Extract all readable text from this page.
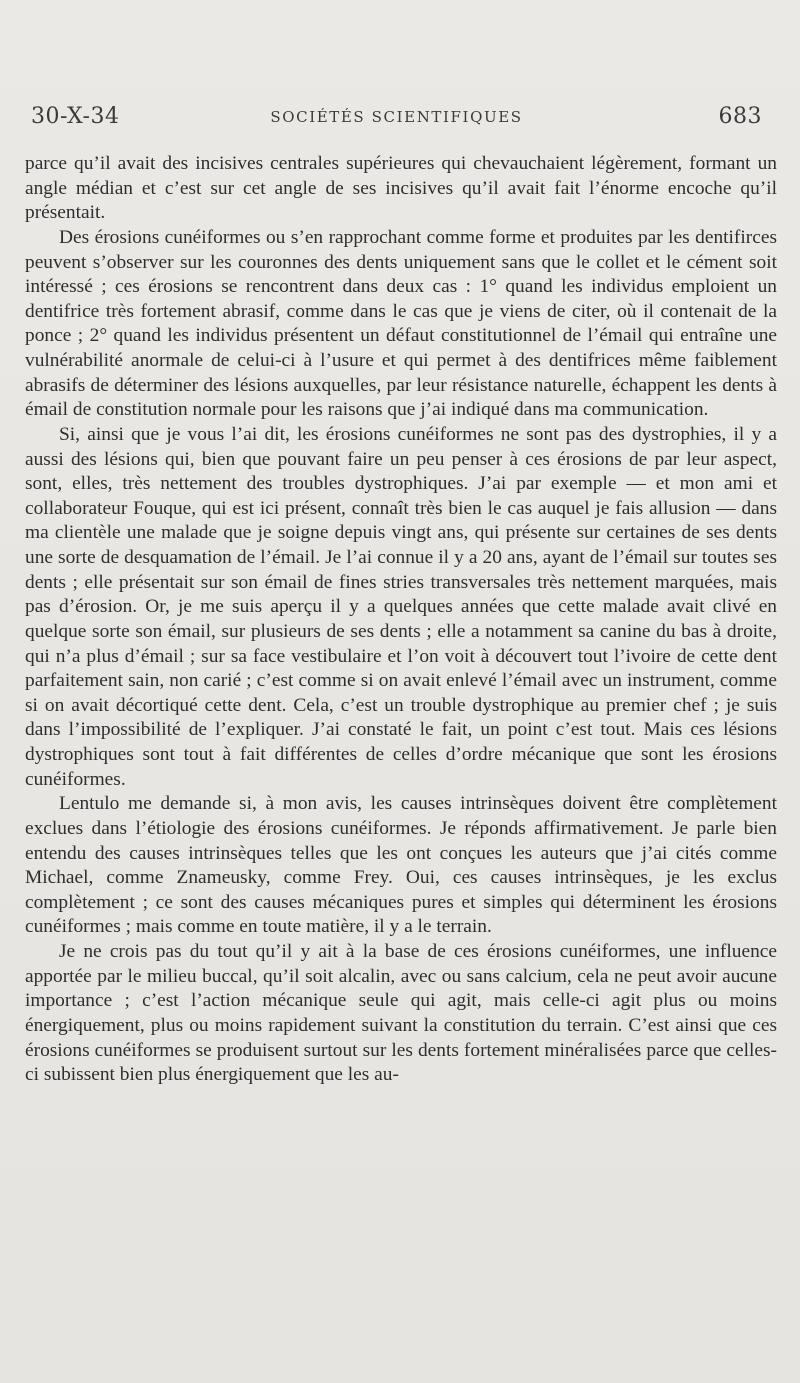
30-X-34	SOCIÉTÉS SCIENTIFIQUES	683

parce qu’il avait des incisives centrales supérieures qui chevauchaient légèrement, formant un angle médian et c’est sur cet angle de ses incisives qu’il avait fait l’énorme encoche qu’il présentait.

Des érosions cunéiformes ou s’en rapprochant comme forme et produites par les dentifirces peuvent s’observer sur les couronnes des dents uniquement sans que le collet et le cément soit intéressé ; ces érosions se rencontrent dans deux cas : 1° quand les individus emploient un dentifrice très fortement abrasif, comme dans le cas que je viens de citer, où il contenait de la ponce ; 2° quand les individus présentent un défaut constitutionnel de l’émail qui entraîne une vulnérabilité anormale de celui-ci à l’usure et qui permet à des dentifrices même faiblement abrasifs de déterminer des lésions auxquelles, par leur résistance naturelle, échappent les dents à émail de constitution normale pour les raisons que j’ai indiqué dans ma communication.

Si, ainsi que je vous l’ai dit, les érosions cunéiformes ne sont pas des dystrophies, il y a aussi des lésions qui, bien que pouvant faire un peu penser à ces érosions de par leur aspect, sont, elles, très nettement des troubles dystrophiques. J’ai par exemple — et mon ami et collaborateur Fouque, qui est ici présent, connaît très bien le cas auquel je fais allusion — dans ma clientèle une malade que je soigne depuis vingt ans, qui présente sur certaines de ses dents une sorte de desquamation de l’émail. Je l’ai connue il y a 20 ans, ayant de l’émail sur toutes ses dents ; elle présentait sur son émail de fines stries transversales très nettement marquées, mais pas d’érosion. Or, je me suis aperçu il y a quelques années que cette malade avait clivé en quelque sorte son émail, sur plusieurs de ses dents ; elle a notamment sa canine du bas à droite, qui n’a plus d’émail ; sur sa face vestibulaire et l’on voit à découvert tout l’ivoire de cette dent parfaitement sain, non carié ; c’est comme si on avait enlevé l’émail avec un instrument, comme si on avait décortiqué cette dent. Cela, c’est un trouble dystrophique au premier chef ; je suis dans l’impossibilité de l’expliquer. J’ai constaté le fait, un point c’est tout. Mais ces lésions dystrophiques sont tout à fait différentes de celles d’ordre mécanique que sont les érosions cunéiformes.

Lentulo me demande si, à mon avis, les causes intrinsèques doivent être complètement exclues dans l’étiologie des érosions cunéiformes. Je réponds affirmativement. Je parle bien entendu des causes intrinsèques telles que les ont conçues les auteurs que j’ai cités comme Michael, comme Znameusky, comme Frey. Oui, ces causes intrinsèques, je les exclus complètement ; ce sont des causes mécaniques pures et simples qui déterminent les érosions cunéiformes ; mais comme en toute matière, il y a le terrain.

Je ne crois pas du tout qu’il y ait à la base de ces érosions cunéiformes, une influence apportée par le milieu buccal, qu’il soit alcalin, avec ou sans calcium, cela ne peut avoir aucune importance ; c’est l’action mécanique seule qui agit, mais celle-ci agit plus ou moins énergiquement, plus ou moins rapidement suivant la constitution du terrain. C’est ainsi que ces érosions cunéiformes se produisent surtout sur les dents fortement minéralisées parce que celles-ci subissent bien plus énergiquement que les au-
